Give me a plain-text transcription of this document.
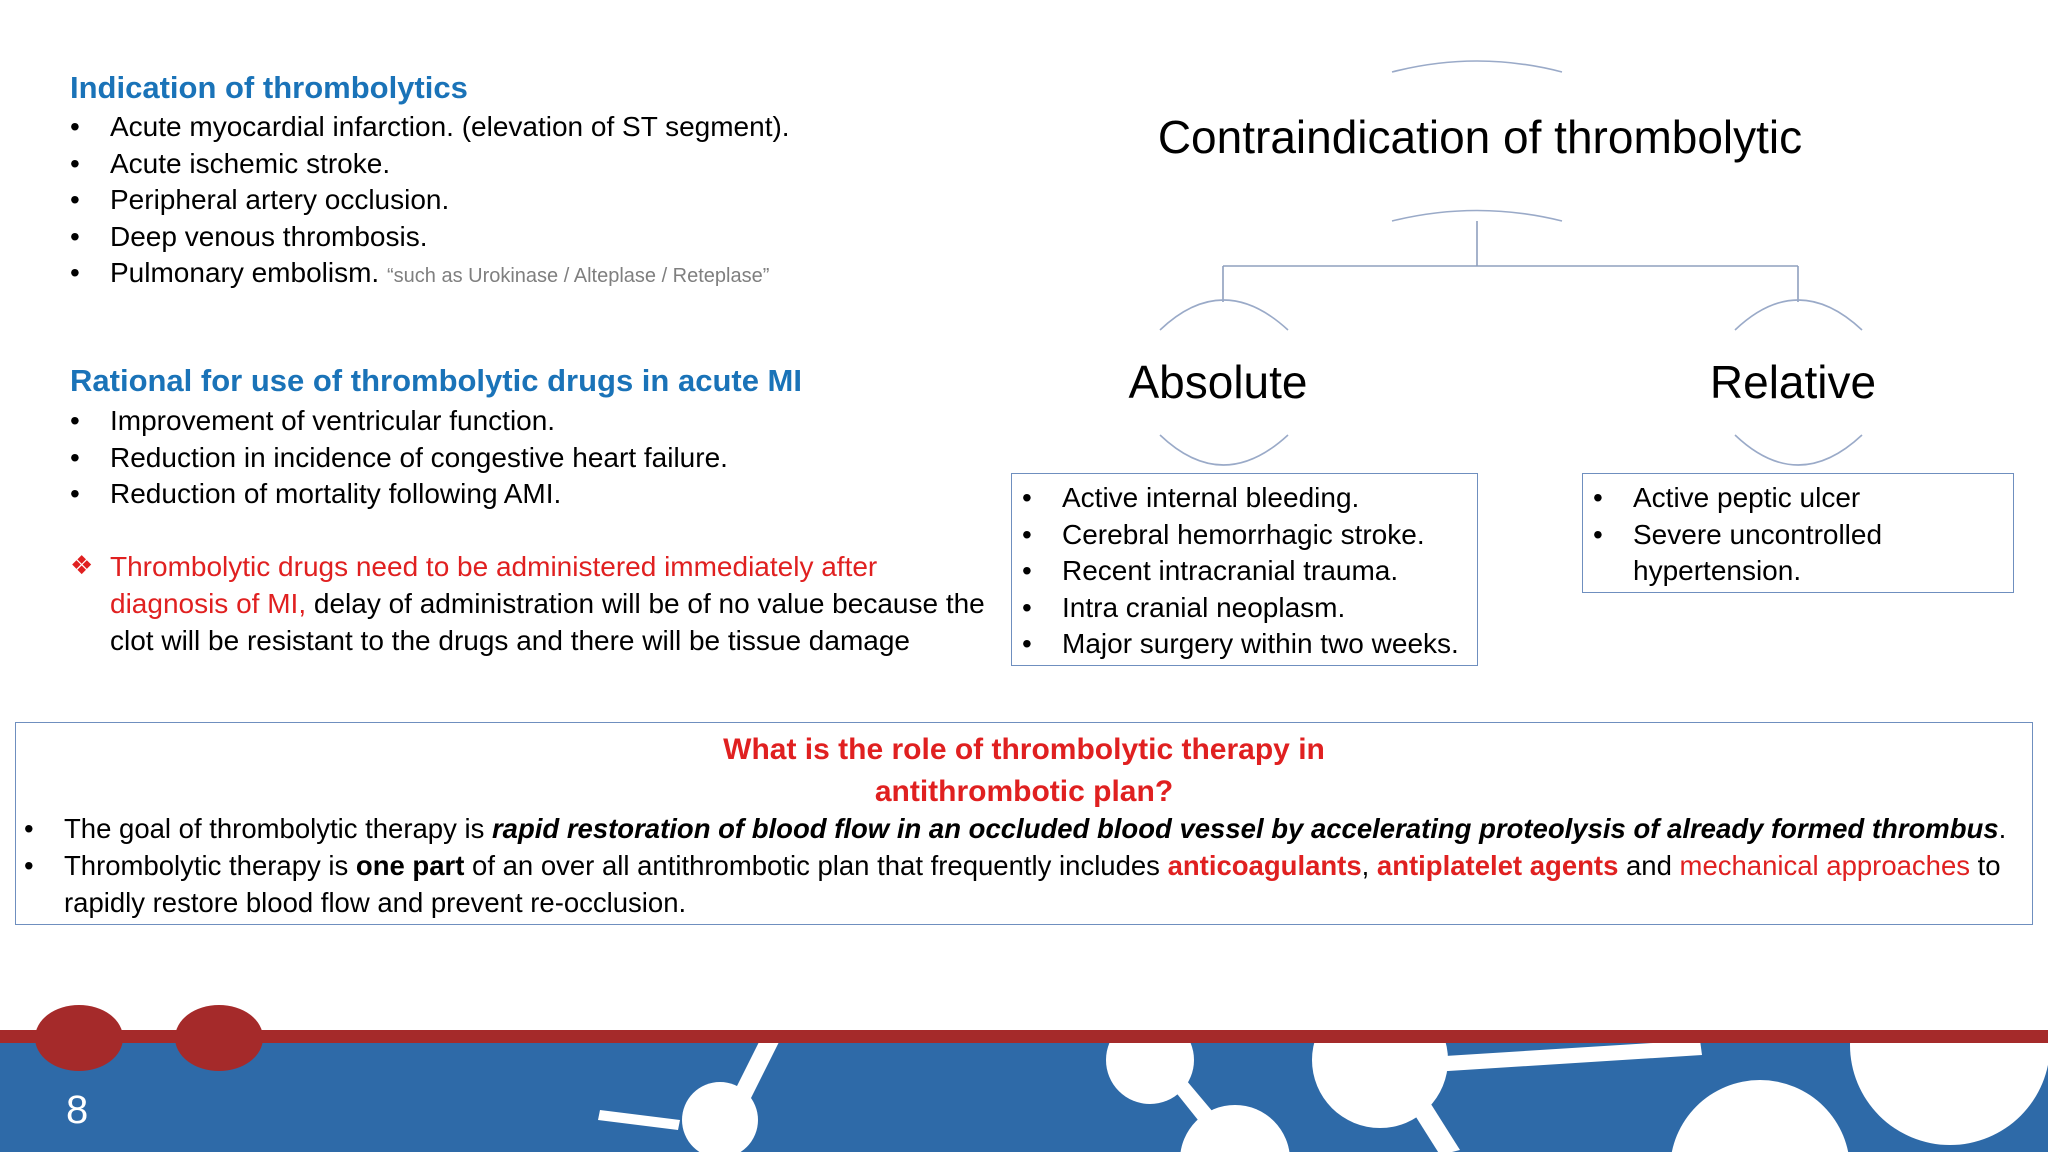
Indication of thrombolytics
• Acute myocardial infarction. (elevation of ST segment).
• Acute ischemic stroke.
• Peripheral artery occlusion.
• Deep venous thrombosis.
• Pulmonary embolism. “such as Urokinase / Alteplase / Reteplase”
Rational for use of thrombolytic drugs in acute MI
• Improvement of ventricular function.
• Reduction in incidence of congestive heart failure.
• Reduction of mortality following AMI.
❖ Thrombolytic drugs need to be administered immediately after diagnosis of MI, delay of administration will be of no value because the clot will be resistant to the drugs and there will be tissue damage
Contraindication of thrombolytic
Absolute	Relative
• Active internal bleeding.
• Cerebral hemorrhagic stroke.
• Recent intracranial trauma.
• Intra cranial neoplasm.
• Major surgery within two weeks.
• Active peptic ulcer
• Severe uncontrolled hypertension.
What is the role of thrombolytic therapy in
antithrombotic plan?
• The goal of thrombolytic therapy is rapid restoration of blood flow in an occluded blood vessel by accelerating proteolysis of already formed thrombus.
• Thrombolytic therapy is one part of an over all antithrombotic plan that frequently includes anticoagulants, antiplatelet agents and mechanical approaches to rapidly restore blood flow and prevent re-occlusion.
8
